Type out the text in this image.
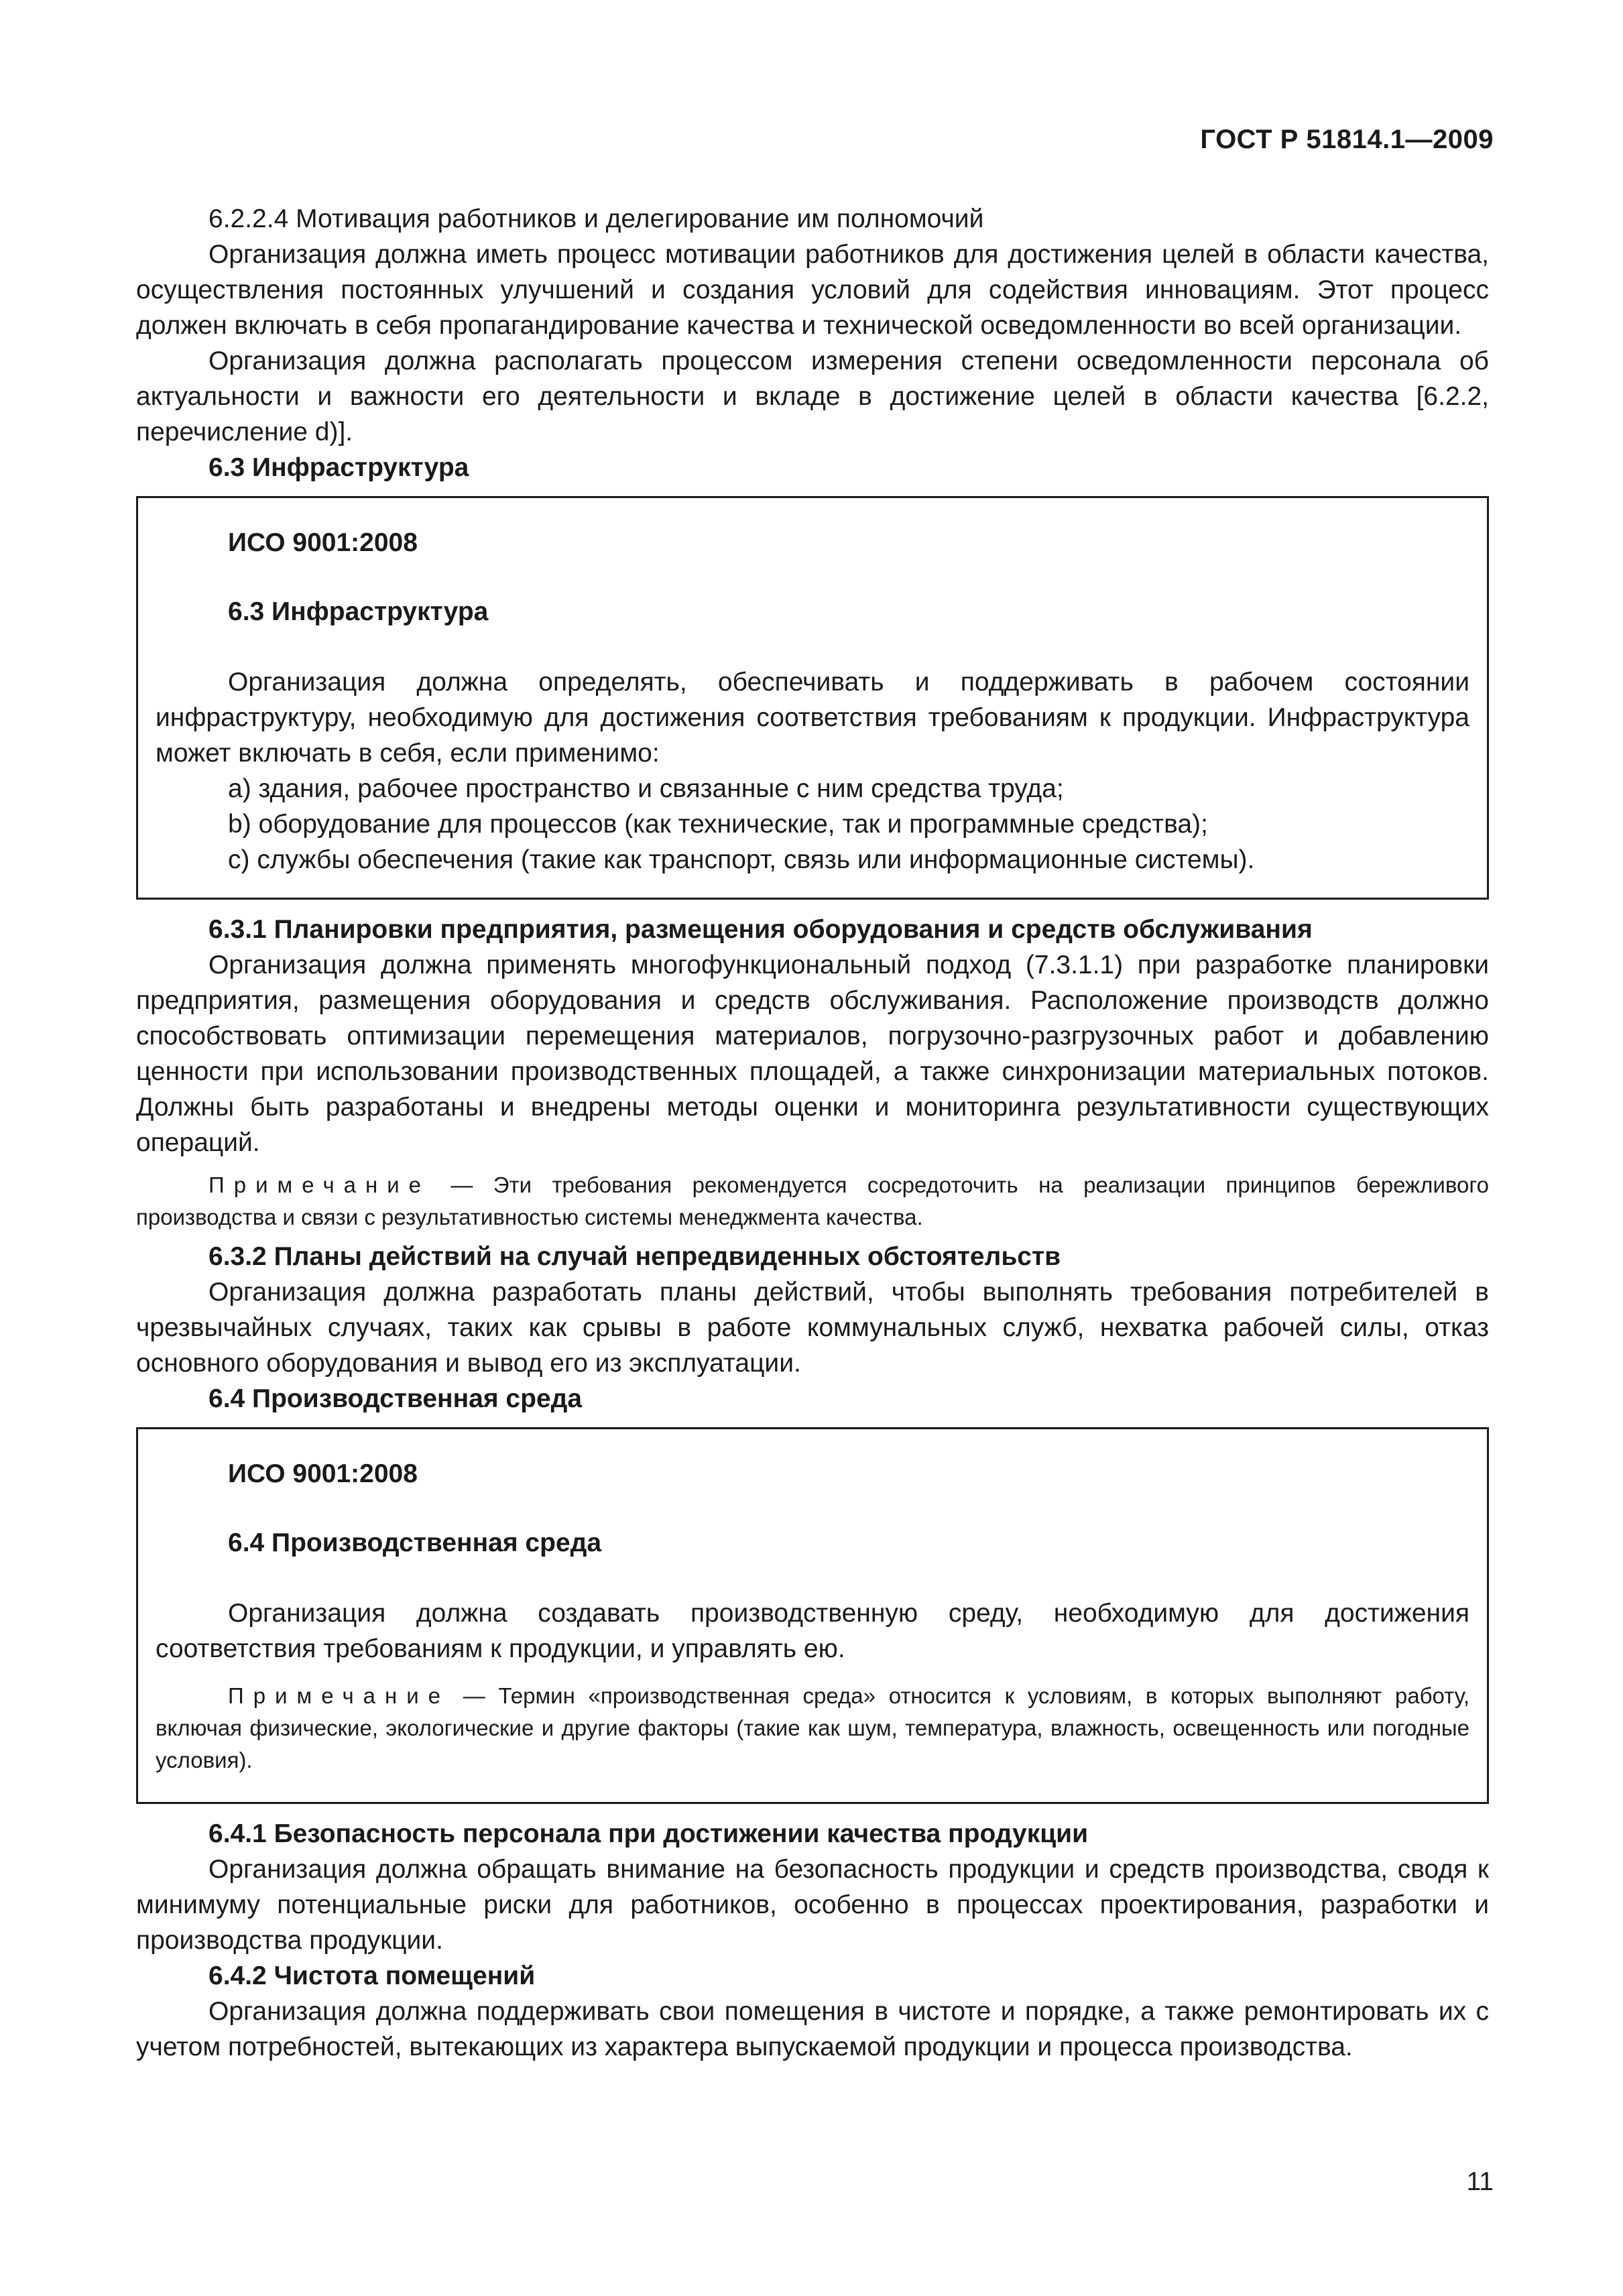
ГОСТ Р 51814.1—2009

6.2.2.4 Мотивация работников и делегирование им полномочий

Организация должна иметь процесс мотивации работников для достижения целей в области качества, осуществления постоянных улучшений и создания условий для содействия инновациям. Этот процесс должен включать в себя пропагандирование качества и технической осведомленности во всей организации.

Организация должна располагать процессом измерения степени осведомленности персонала об актуальности и важности его деятельности и вкладе в достижение целей в области качества [6.2.2, перечисление d)].

6.3 Инфраструктура

ИСО 9001:2008

6.3 Инфраструктура

Организация должна определять, обеспечивать и поддерживать в рабочем состоянии инфраструктуру, необходимую для достижения соответствия требованиям к продукции. Инфраструктура может включать в себя, если применимо:

a) здания, рабочее пространство и связанные с ним средства труда;

b) оборудование для процессов (как технические, так и программные средства);

c) службы обеспечения (такие как транспорт, связь или информационные системы).

6.3.1 Планировки предприятия, размещения оборудования и средств обслуживания

Организация должна применять многофункциональный подход (7.3.1.1) при разработке планировки предприятия, размещения оборудования и средств обслуживания. Расположение производств должно способствовать оптимизации перемещения материалов, погрузочно-разгрузочных работ и добавлению ценности при использовании производственных площадей, а также синхронизации материальных потоков. Должны быть разработаны и внедрены методы оценки и мониторинга результативности существующих операций.

Примечание — Эти требования рекомендуется сосредоточить на реализации принципов бережливого производства и связи с результативностью системы менеджмента качества.

6.3.2 Планы действий на случай непредвиденных обстоятельств

Организация должна разработать планы действий, чтобы выполнять требования потребителей в чрезвычайных случаях, таких как срывы в работе коммунальных служб, нехватка рабочей силы, отказ основного оборудования и вывод его из эксплуатации.

6.4 Производственная среда

ИСО 9001:2008

6.4 Производственная среда

Организация должна создавать производственную среду, необходимую для достижения соответствия требованиям к продукции, и управлять ею.

Примечание — Термин «производственная среда» относится к условиям, в которых выполняют работу, включая физические, экологические и другие факторы (такие как шум, температура, влажность, освещенность или погодные условия).

6.4.1 Безопасность персонала при достижении качества продукции

Организация должна обращать внимание на безопасность продукции и средств производства, сводя к минимуму потенциальные риски для работников, особенно в процессах проектирования, разработки и производства продукции.

6.4.2 Чистота помещений

Организация должна поддерживать свои помещения в чистоте и порядке, а также ремонтировать их с учетом потребностей, вытекающих из характера выпускаемой продукции и процесса производства.

11
